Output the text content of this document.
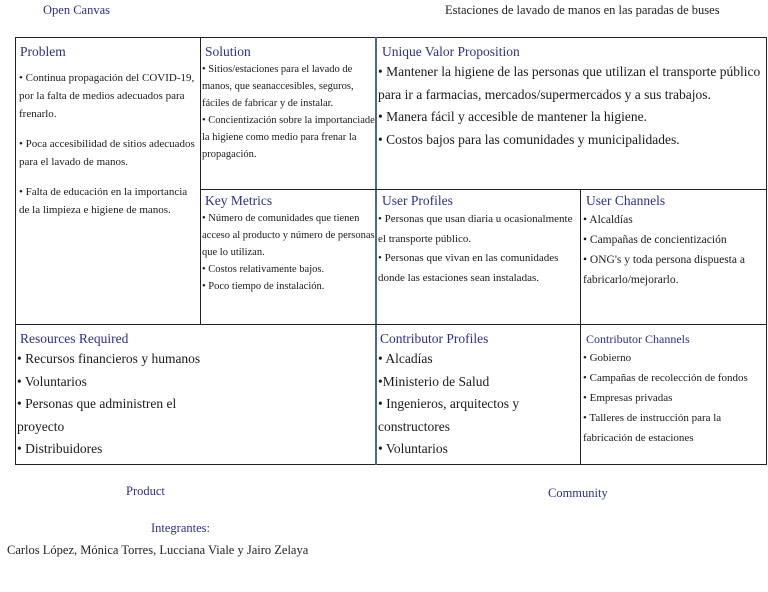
Open Canvas	Estaciones de lavado de manos en las paradas de buses
Problem

• Continua propagación del COVID-19, por la falta de medios adecuados para frenarlo.

• Poca accesibilidad de sitios adecuados para el lavado de manos.

• Falta de educación en la importancia de la limpieza e higiene de manos.

Solution

• Sitios/estaciones para el lavado de manos, que seanaccesibles, seguros, fáciles de fabricar y de instalar.

• Concientización sobre la importanciade la higiene como medio para frenar la propagación.

Key Metrics

• Número de comunidades que tienen acceso al producto y número de personas que lo utilizan.

• Costos relativamente bajos.

• Poco tiempo de instalación.

Unique Valor Proposition

• Mantener la higiene de las personas que utilizan el transporte público para ir a farmacias, mercados/supermercados y a sus trabajos.

• Manera fácil y accesible de mantener la higiene.

• Costos bajos para las comunidades y municipalidades.

User Profiles

• Personas que usan diaria u ocasionalmente el transporte público.

• Personas que vivan en las comunidades donde las estaciones sean instaladas.

User Channels

• Alcaldías

• Campañas de concientización

• ONG's y toda persona dispuesta a fabricarlo/mejorarlo.

Resources Required

• Recursos financieros y humanos

• Voluntarios

• Personas que administren el proyecto

• Distribuidores

Contributor Profiles

• Alcadías

•Ministerio de Salud

• Ingenieros, arquitectos y constructores

• Voluntarios

Contributor Channels

• Gobierno

• Campañas de recolección de fondos

• Empresas privadas

• Talleres de instrucción para la fabricación de estaciones

Product	Community
Integrantes:
Carlos López, Mónica Torres, Lucciana Viale y Jairo Zelaya
